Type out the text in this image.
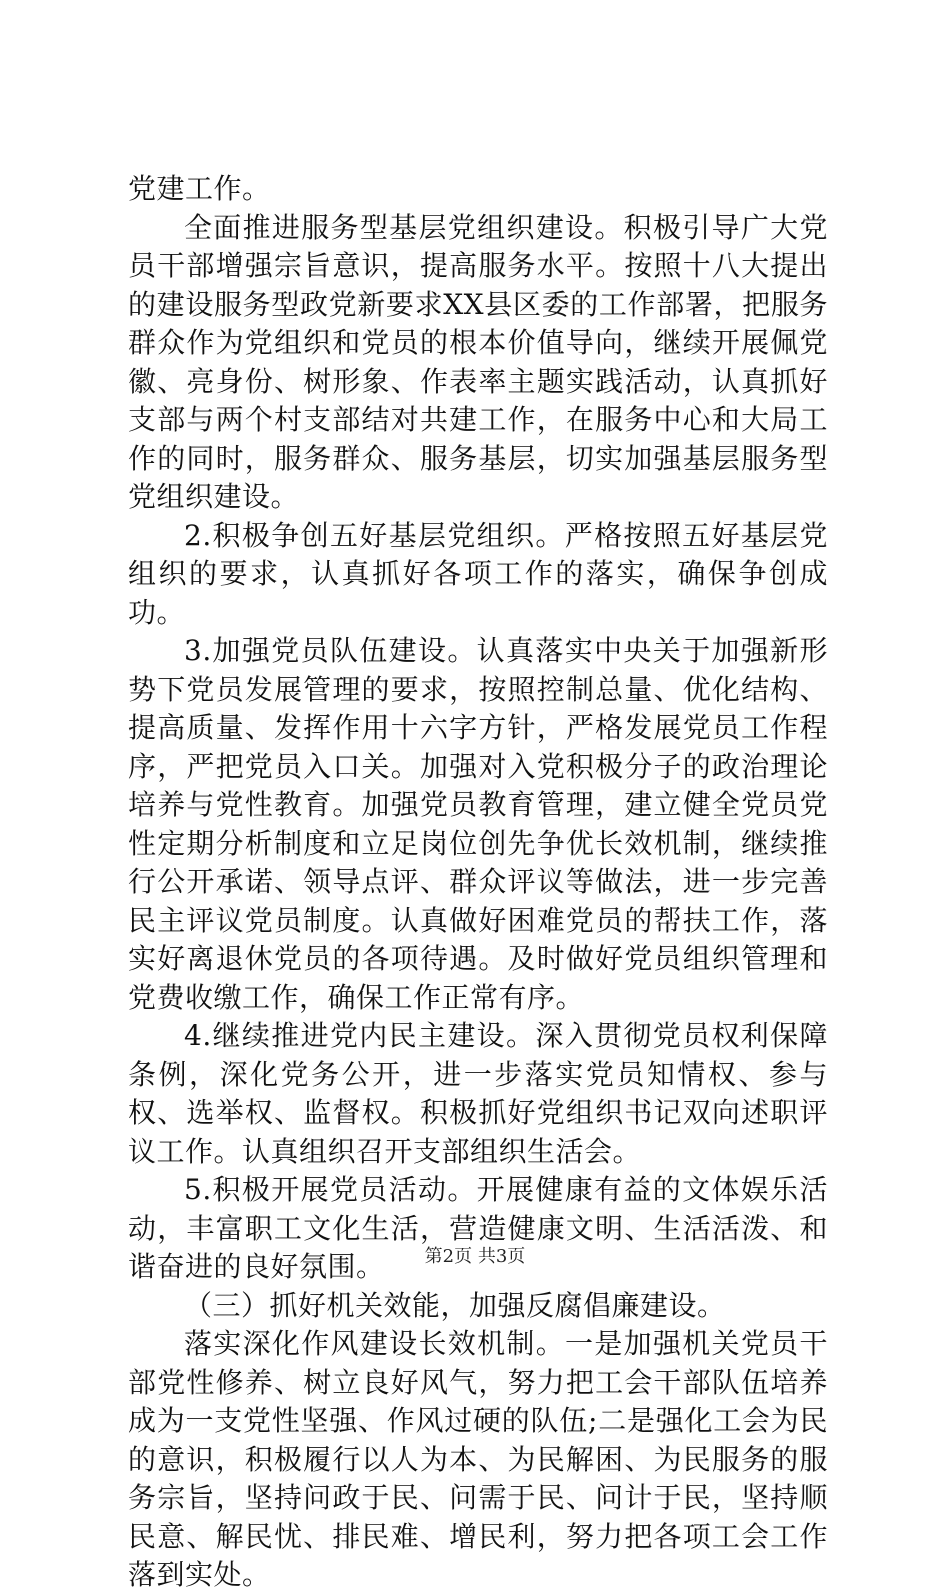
党建工作。

全面推进服务型基层党组织建设。积极引导广大党员干部增强宗旨意识，提高服务水平。按照十八大提出的建设服务型政党新要求XX县区委的工作部署，把服务群众作为党组织和党员的根本价值导向，继续开展佩党徽、亮身份、树形象、作表率主题实践活动，认真抓好支部与两个村支部结对共建工作，在服务中心和大局工作的同时，服务群众、服务基层，切实加强基层服务型党组织建设。

2.积极争创五好基层党组织。严格按照五好基层党组织的要求，认真抓好各项工作的落实，确保争创成功。

3.加强党员队伍建设。认真落实中央关于加强新形势下党员发展管理的要求，按照控制总量、优化结构、提高质量、发挥作用十六字方针，严格发展党员工作程序，严把党员入口关。加强对入党积极分子的政治理论培养与党性教育。加强党员教育管理，建立健全党员党性定期分析制度和立足岗位创先争优长效机制，继续推行公开承诺、领导点评、群众评议等做法，进一步完善民主评议党员制度。认真做好困难党员的帮扶工作，落实好离退休党员的各项待遇。及时做好党员组织管理和党费收缴工作，确保工作正常有序。

4.继续推进党内民主建设。深入贯彻党员权利保障条例，深化党务公开，进一步落实党员知情权、参与权、选举权、监督权。积极抓好党组织书记双向述职评议工作。认真组织召开支部组织生活会。

5.积极开展党员活动。开展健康有益的文体娱乐活动，丰富职工文化生活，营造健康文明、生活活泼、和谐奋进的良好氛围。

（三）抓好机关效能，加强反腐倡廉建设。

落实深化作风建设长效机制。一是加强机关党员干部党性修养、树立良好风气，努力把工会干部队伍培养成为一支党性坚强、作风过硬的队伍;二是强化工会为民的意识，积极履行以人为本、为民解困、为民服务的服务宗旨，坚持问政于民、问需于民、问计于民，坚持顺民意、解民忧、排民难、增民利，努力把各项工会工作落到实处。

第2页 共3页
